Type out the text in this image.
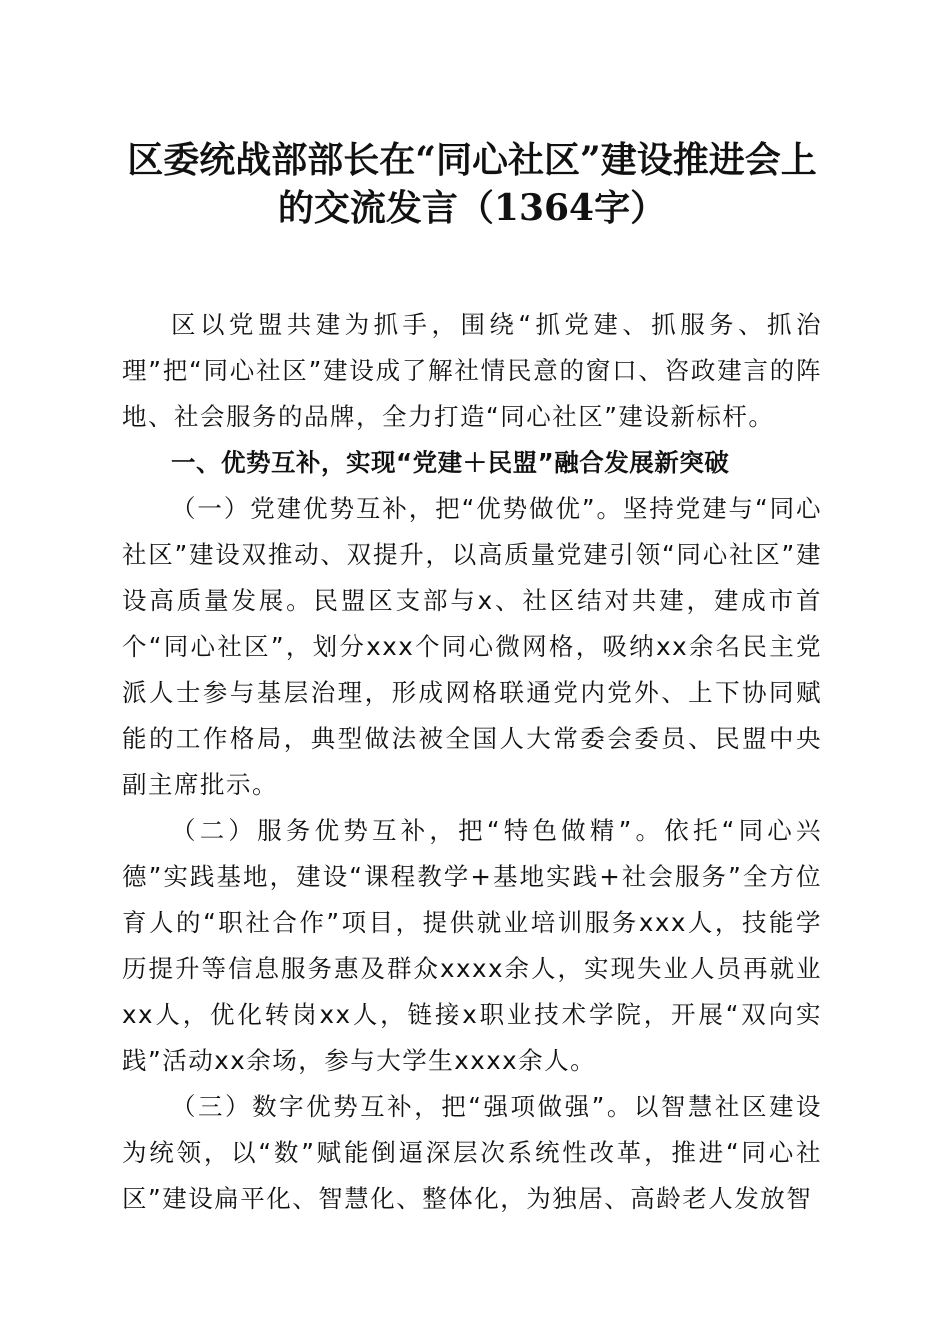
区委统战部部长在“同心社区”建设推进会上
的交流发言（1364字）

区以党盟共建为抓手，围绕“抓党建、抓服务、抓治理”把“同心社区”建设成了解社情民意的窗口、咨政建言的阵地、社会服务的品牌，全力打造“同心社区”建设新标杆。

一、优势互补，实现“党建＋民盟”融合发展新突破

（一）党建优势互补，把“优势做优”。坚持党建与“同心社区”建设双推动、双提升，以高质量党建引领“同心社区”建设高质量发展。民盟区支部与x、社区结对共建，建成市首个“同心社区”，划分xxx个同心微网格，吸纳xx余名民主党派人士参与基层治理，形成网格联通党内党外、上下协同赋能的工作格局，典型做法被全国人大常委会委员、民盟中央副主席批示。

（二）服务优势互补，把“特色做精”。依托“同心兴德”实践基地，建设“课程教学+基地实践+社会服务”全方位育人的“职社合作”项目，提供就业培训服务xxx人，技能学历提升等信息服务惠及群众xxxx余人，实现失业人员再就业xx人，优化转岗xx人，链接x职业技术学院，开展“双向实践”活动xx余场，参与大学生xxxx余人。

（三）数字优势互补，把“强项做强”。以智慧社区建设为统领，以“数”赋能倒逼深层次系统性改革，推进“同心社区”建设扁平化、智慧化、整体化，为独居、高龄老人发放智
